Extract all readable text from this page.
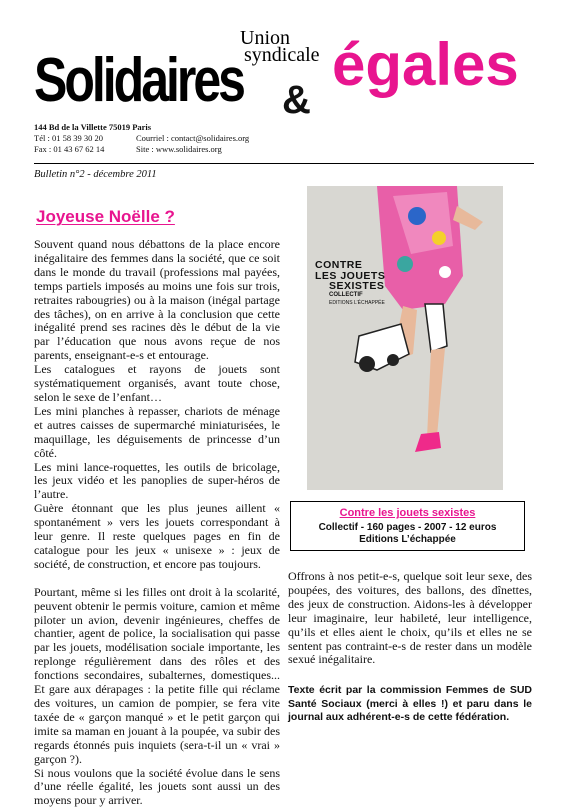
Union
syndicale
Solidaires &
égales
144 Bd de la Villette 75019 Paris
Tél : 01 58 39 30 20	Courriel : contact@solidaires.org
Fax : 01 43 67 62 14	Site : www.solidaires.org
Bulletin n°2 - décembre 2011
Joyeuse Noëlle ?

Souvent quand nous débattons de la place encore inégalitaire des femmes dans la société, que ce soit dans le monde du travail (professions mal payées, temps partiels imposés au moins une fois sur trois, retraites rabougries) ou à la maison (inégal partage des tâches), on en arrive à la conclusion que cette inégalité prend ses racines dès le début de la vie par l’éducation que nous avons reçue de nos parents, enseignant-e-s et entourage.

Les catalogues et rayons de jouets sont systématiquement organisés, avant toute chose, selon le sexe de l’enfant…

Les mini planches à repasser, chariots de ménage et autres caisses de supermarché miniaturisées, le maquillage, les déguisements de princesse d’un côté.

Les mini lance-roquettes, les outils de bricolage, les jeux vidéo et les panoplies de super-héros de l’autre.

Guère étonnant que les plus jeunes aillent « spontanément » vers les jouets correspondant à leur genre. Il reste quelques pages en fin de catalogue pour les jeux « unisexe » : jeux de société, de construction, et encore pas toujours.

Pourtant, même si les filles ont droit à la scolarité, peuvent obtenir le permis voiture, camion et même piloter un avion, devenir ingénieures, cheffes de chantier, agent de police, la socialisation qui passe par les jouets, modélisation sociale importante, les replonge régulièrement dans des rôles et des fonctions secondaires, subalternes, domestiques... Et gare aux dérapages : la petite fille qui réclame des voitures, un camion de pompier, se fera vite taxée de « garçon manqué » et le petit garçon qui imite sa maman en jouant à la poupée, va subir des regards étonnés puis inquiets (sera-t-il un « vrai » garçon ?).

Si nous voulons que la société évolue dans le sens d’une réelle égalité, les jouets sont aussi un des moyens pour y arriver.

CONTRE
LES JOUETS
SEXISTES
COLLECTIF
EDITIONS L’ÉCHAPPÉE
Contre les jouets sexistes
Collectif - 160 pages - 2007 - 12 euros
Editions L’échappée

Offrons à nos petit-e-s, quelque soit leur sexe, des poupées, des voitures, des ballons, des dînettes, des jeux de construction. Aidons-les à développer leur imaginaire, leur habileté, leur intelligence, qu’ils et elles aient le choix, qu’ils et elles ne se sentent pas contraint-e-s de rester dans un modèle sexué inégalitaire.

Texte écrit par la commission Femmes de SUD Santé Sociaux (merci à elles !) et paru dans le journal aux adhérent-e-s de cette fédération.
